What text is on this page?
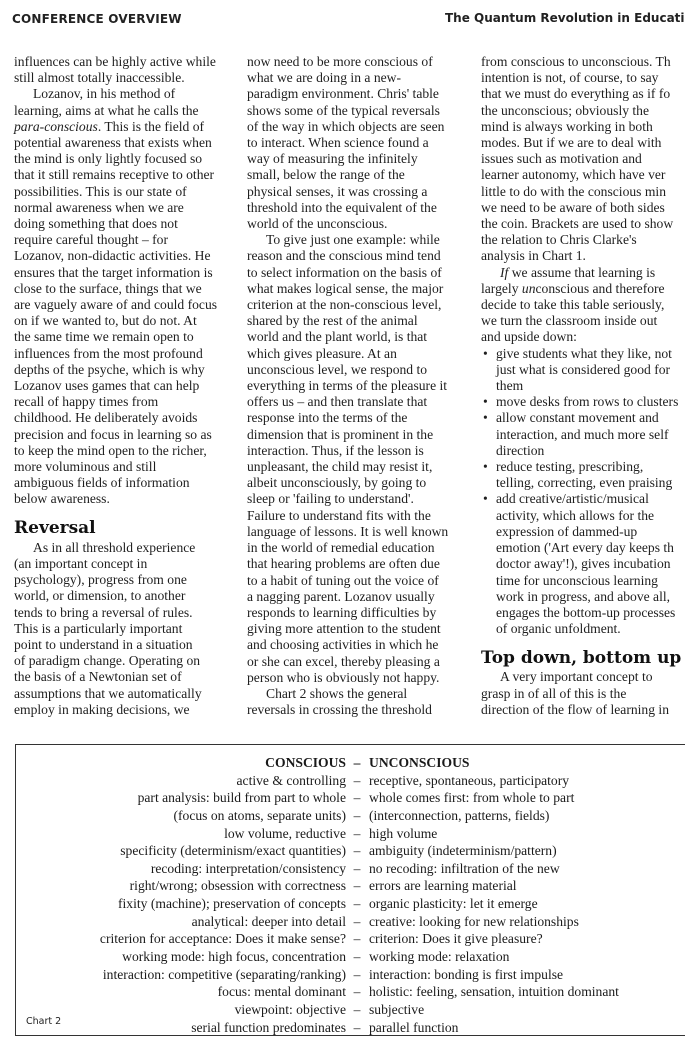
CONFERENCE OVERVIEW	The Quantum Revolution in Educati

influences can be highly active while
still almost totally inaccessible.

Lozanov, in his method of
learning, aims at what he calls the
para-conscious. This is the field of
potential awareness that exists when
the mind is only lightly focused so
that it still remains receptive to other
possibilities. This is our state of
normal awareness when we are
doing something that does not
require careful thought – for
Lozanov, non-didactic activities. He
ensures that the target information is
close to the surface, things that we
are vaguely aware of and could focus
on if we wanted to, but do not. At
the same time we remain open to
influences from the most profound
depths of the psyche, which is why
Lozanov uses games that can help
recall of happy times from
childhood. He deliberately avoids
precision and focus in learning so as
to keep the mind open to the richer,
more voluminous and still
ambiguous fields of information
below awareness.

Reversal

As in all threshold experience
(an important concept in
psychology), progress from one
world, or dimension, to another
tends to bring a reversal of rules.
This is a particularly important
point to understand in a situation
of paradigm change. Operating on
the basis of a Newtonian set of
assumptions that we automatically
employ in making decisions, we

now need to be more conscious of
what we are doing in a new-
paradigm environment. Chris' table
shows some of the typical reversals
of the way in which objects are seen
to interact. When science found a
way of measuring the infinitely
small, below the range of the
physical senses, it was crossing a
threshold into the equivalent of the
world of the unconscious.

To give just one example: while
reason and the conscious mind tend
to select information on the basis of
what makes logical sense, the major
criterion at the non-conscious level,
shared by the rest of the animal
world and the plant world, is that
which gives pleasure. At an
unconscious level, we respond to
everything in terms of the pleasure it
offers us – and then translate that
response into the terms of the
dimension that is prominent in the
interaction. Thus, if the lesson is
unpleasant, the child may resist it,
albeit unconsciously, by going to
sleep or 'failing to understand'.
Failure to understand fits with the
language of lessons. It is well known
in the world of remedial education
that hearing problems are often due
to a habit of tuning out the voice of
a nagging parent. Lozanov usually
responds to learning difficulties by
giving more attention to the student
and choosing activities in which he
or she can excel, thereby pleasing a
person who is obviously not happy.

Chart 2 shows the general
reversals in crossing the threshold

from conscious to unconscious. Th
intention is not, of course, to say
that we must do everything as if fo
the unconscious; obviously the
mind is always working in both
modes. But if we are to deal with
issues such as motivation and
learner autonomy, which have ver
little to do with the conscious min
we need to be aware of both sides
the coin. Brackets are used to show
the relation to Chris Clarke's
analysis in Chart 1.

If we assume that learning is
largely unconscious and therefore
decide to take this table seriously,
we turn the classroom inside out
and upside down:

• give students what they like, not
just what is considered good for
them
• move desks from rows to clusters
• allow constant movement and
interaction, and much more self
direction
• reduce testing, prescribing,
telling, correcting, even praising
• add creative/artistic/musical
activity, which allows for the
expression of dammed-up
emotion ('Art every day keeps th
doctor away'!), gives incubation
time for unconscious learning
work in progress, and above all,
engages the bottom-up processes
of organic unfoldment.
Top down, bottom up

A very important concept to
grasp in of all of this is the
direction of the flow of learning in

CONSCIOUS – UNCONSCIOUS
active & controlling – receptive, spontaneous, participatory
part analysis: build from part to whole – whole comes first: from whole to part
(focus on atoms, separate units) – (interconnection, patterns, fields)
low volume, reductive – high volume
specificity (determinism/exact quantities) – ambiguity (indeterminism/pattern)
recoding: interpretation/consistency – no recoding: infiltration of the new
right/wrong; obsession with correctness – errors are learning material
fixity (machine); preservation of concepts – organic plasticity: let it emerge
analytical: deeper into detail – creative: looking for new relationships
criterion for acceptance: Does it make sense? – criterion: Does it give pleasure?
working mode: high focus, concentration – working mode: relaxation
interaction: competitive (separating/ranking) – interaction: bonding is first impulse
focus: mental dominant – holistic: feeling, sensation, intuition dominant
viewpoint: objective – subjective
serial function predominates – parallel function
Chart 2
